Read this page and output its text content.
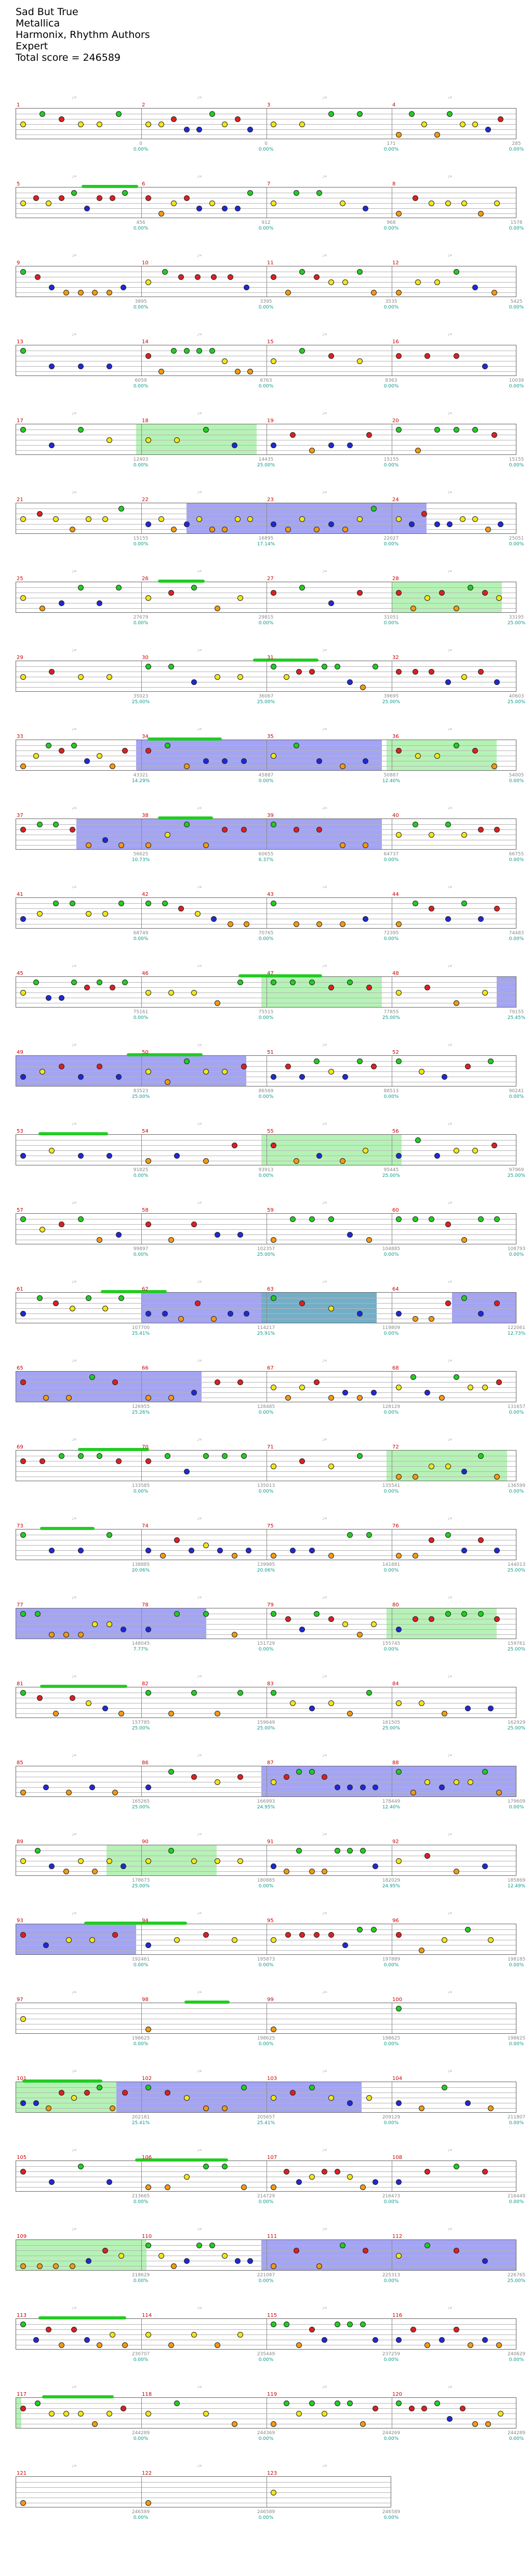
Sad But True
Metallica
Harmonix, Rhythm Authors
Expert
Total score = 246589
1
♩=
0
0.00%
2
♩=
0
0.00%
3
♩=
171
0.00%
4
♩=
285
0.00%
5
♩=
456
0.00%
6
♩=
912
0.00%
7
♩=
968
0.00%
8
♩=
1578
0.00%
9
♩=
3895
0.00%
10
♩=
3395
0.00%
11
♩=
3535
0.00%
12
♩=
5425
0.00%
13
♩=
6059
0.00%
14
♩=
6763
0.00%
15
♩=
8363
0.00%
16
♩=
10039
0.00%
17
♩=
12403
0.00%
18
♩=
14435
25.00%
19
♩=
15155
0.00%
20
♩=
15155
0.00%
21
♩=
15155
0.00%
22
♩=
16895
17.14%
23
♩=
22027
0.00%
24
♩=
25051
0.00%
25
♩=
27679
0.00%
26
♩=
29815
0.00%
27
♩=
31051
0.00%
28
♩=
33195
25.00%
29
♩=
35023
25.00%
30
♩=
36067
25.00%
31
♩=
39695
25.00%
32
♩=
40603
25.00%
33
♩=
43321
14.29%
34
♩=
45887
0.00%
35
♩=
50887
12.40%
36
♩=
54005
0.00%
37
♩=
56625
10.73%
38
♩=
60655
6.37%
39
♩=
64737
0.00%
40
♩=
66755
0.00%
41
♩=
68749
0.00%
42
♩=
70765
0.00%
43
♩=
72395
0.00%
44
♩=
74483
0.00%
45
♩=
75161
0.00%
46
♩=
75515
0.00%
47
♩=
77855
25.00%
48
♩=
79155
25.45%
49
♩=
83523
25.00%
50
♩=
86569
0.00%
51
♩=
88513
0.00%
52
♩=
90241
0.00%
53
♩=
91825
0.00%
54
♩=
93913
0.00%
55
♩=
95445
25.00%
56
♩=
97969
25.00%
57
♩=
99897
0.00%
58
♩=
102357
25.00%
59
♩=
104885
0.00%
60
♩=
108793
0.00%
61
♩=
107700
25.41%
62
♩=
114217
25.91%
63
♩=
119809
0.00%
64
♩=
122061
12.73%
65
♩=
126955
25.26%
66
♩=
128485
0.00%
67
♩=
128129
0.00%
68
♩=
131657
0.00%
69
♩=
133585
0.00%
70
♩=
135013
0.00%
71
♩=
135541
0.00%
72
♩=
136599
0.00%
73
♩=
138885
20.06%
74
♩=
139985
20.06%
75
♩=
141881
0.00%
76
♩=
144013
25.00%
77
♩=
148045
7.77%
78
♩=
151729
0.00%
79
♩=
155745
0.00%
80
♩=
159761
25.00%
81
♩=
157785
25.00%
82
♩=
159649
25.00%
83
♩=
161505
25.00%
84
♩=
162929
25.00%
85
♩=
165265
25.00%
86
♩=
166993
24.95%
87
♩=
178449
12.40%
88
♩=
179609
0.00%
89
♩=
178673
25.00%
90
♩=
180885
0.00%
91
♩=
182029
24.95%
92
♩=
185869
12.49%
93
♩=
192461
0.00%
94
♩=
195873
0.00%
95
♩=
197889
0.00%
96
♩=
198185
0.00%
97
♩=
198625
0.00%
98
♩=
198625
0.00%
99
♩=
198625
0.00%
100
♩=
198625
0.00%
101
♩=
202181
25.41%
102
♩=
205657
25.41%
103
♩=
209129
0.00%
104
♩=
211807
0.00%
105
♩=
213665
0.00%
106
♩=
214729
0.00%
107
♩=
216473
0.00%
108
♩=
216449
0.00%
109
♩=
218629
0.00%
110
♩=
221087
0.00%
111
♩=
225313
0.00%
112
♩=
226765
25.00%
113
♩=
230707
0.00%
114
♩=
235449
0.00%
115
♩=
237259
0.00%
116
♩=
240629
0.00%
117
♩=
244289
0.00%
118
♩=
244369
0.00%
119
♩=
244269
0.00%
120
♩=
244289
0.00%
121
♩=
246589
0.00%
122
♩=
246589
0.00%
123
♩=
246589
0.00%
